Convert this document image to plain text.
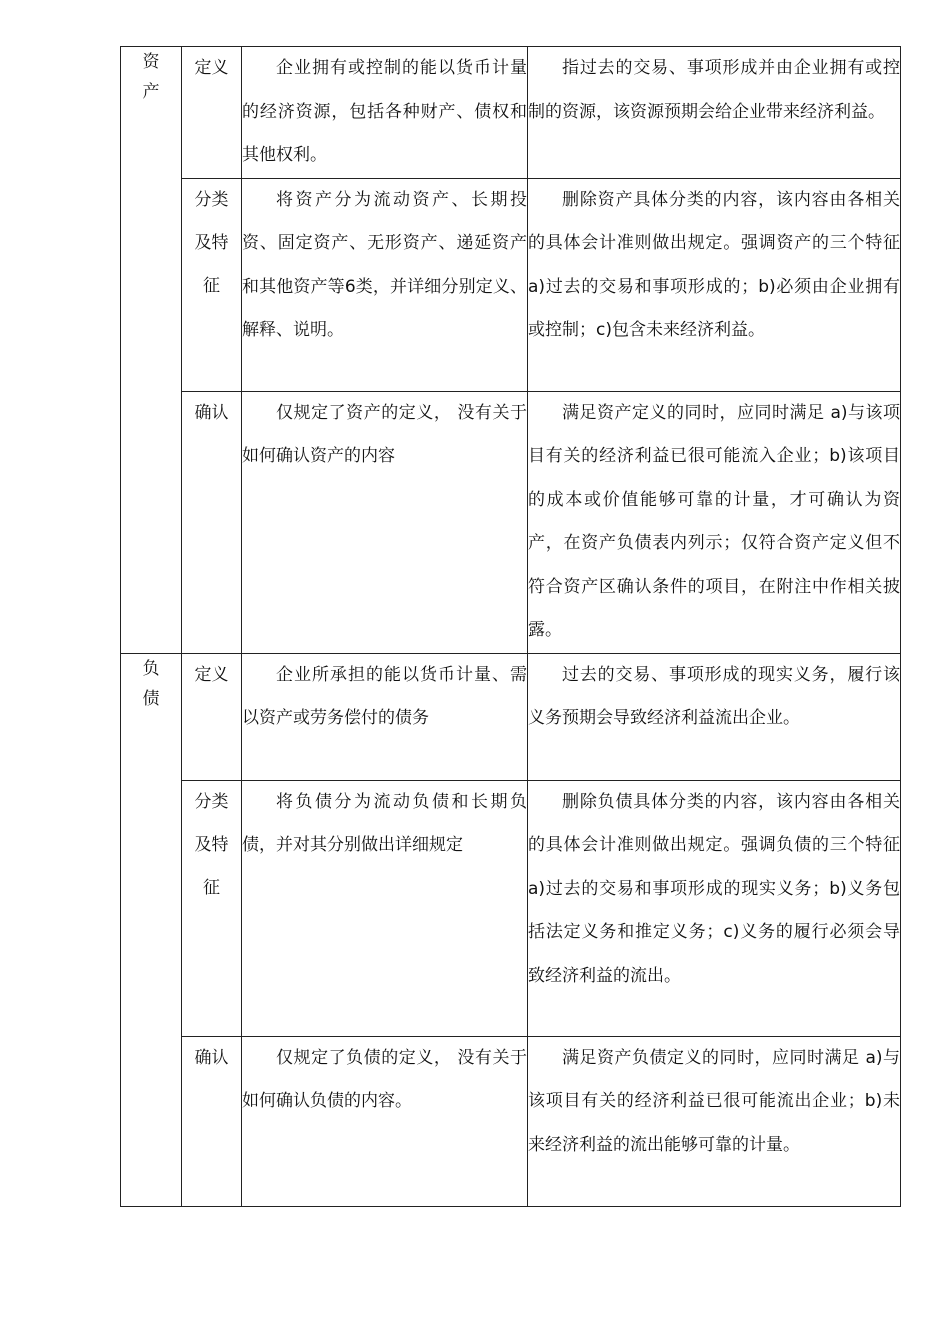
资产	定义	企业拥有或控制的能以货币计量的经济资源，包括各种财产、债权和其他权利。	指过去的交易、事项形成并由企业拥有或控制的资源，该资源预期会给企业带来经济利益。
	分类及特征	将资产分为流动资产、长期投资、固定资产、无形资产、递延资产和其他资产等6类，并详细分别定义、解释、说明。	删除资产具体分类的内容，该内容由各相关的具体会计准则做出规定。强调资产的三个特征 a)过去的交易和事项形成的；b)必须由企业拥有或控制；c)包含未来经济利益。
	确认	仅规定了资产的定义， 没有关于如何确认资产的内容	满足资产定义的同时，应同时满足 a)与该项目有关的经济利益已很可能流入企业；b)该项目的成本或价值能够可靠的计量，才可确认为资产，在资产负债表内列示；仅符合资产定义但不符合资产区确认条件的项目，在附注中作相关披露。
负债	定义	企业所承担的能以货币计量、需以资产或劳务偿付的债务	过去的交易、事项形成的现实义务，履行该义务预期会导致经济利益流出企业。
	分类及特征	将负债分为流动负债和长期负债，并对其分别做出详细规定	删除负债具体分类的内容，该内容由各相关的具体会计准则做出规定。强调负债的三个特征 a)过去的交易和事项形成的现实义务；b)义务包括法定义务和推定义务；c)义务的履行必须会导致经济利益的流出。
	确认	仅规定了负债的定义， 没有关于如何确认负债的内容。	满足资产负债定义的同时，应同时满足 a)与该项目有关的经济利益已很可能流出企业；b)未来经济利益的流出能够可靠的计量。
